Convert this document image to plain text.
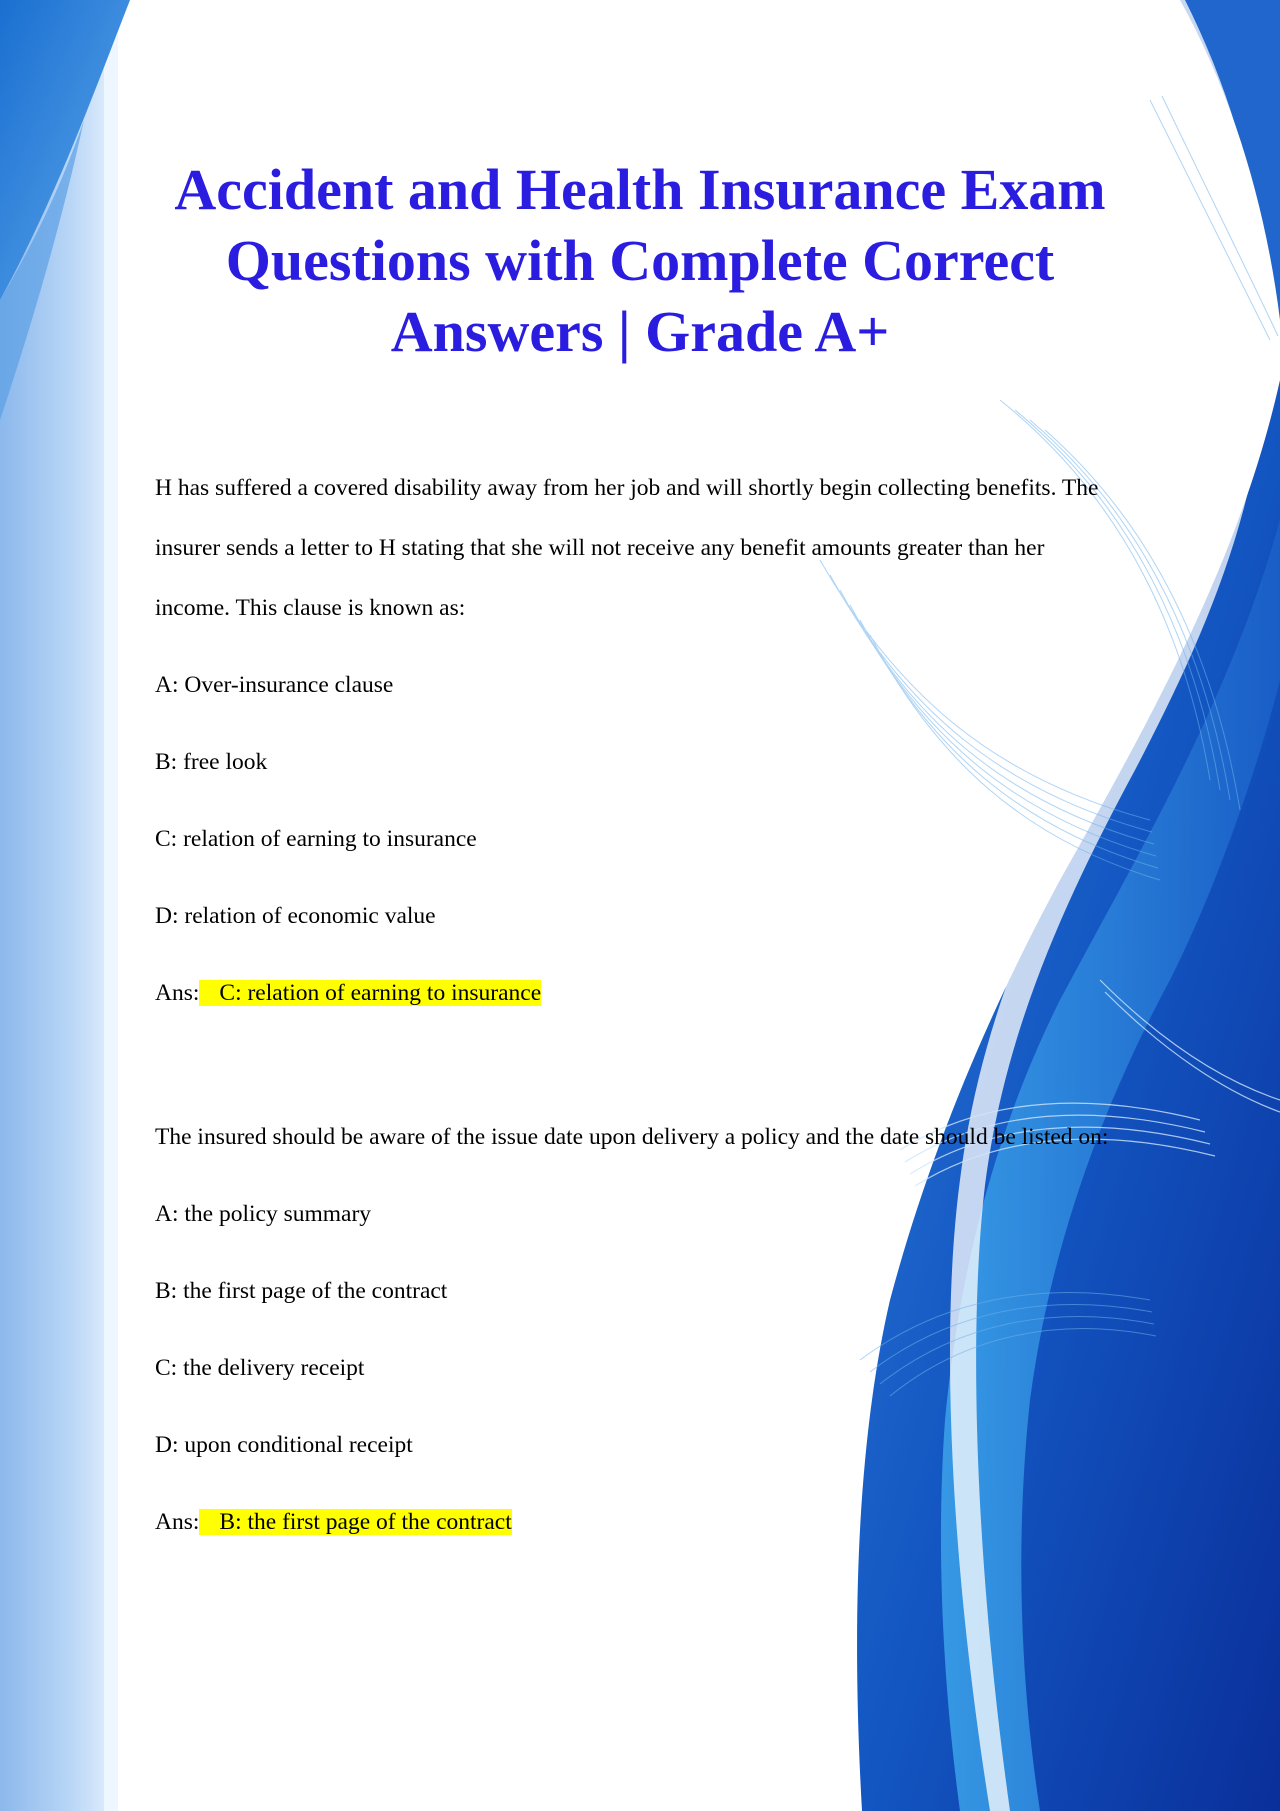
Accident and Health Insurance Exam Questions with Complete Correct Answers | Grade A+

H has suffered a covered disability away from her job and will shortly begin collecting benefits. The insurer sends a letter to H stating that she will not receive any benefit amounts greater than her income. This clause is known as:

A: Over-insurance clause

B: free look

C: relation of earning to insurance

D: relation of economic value

Ans: C: relation of earning to insurance

The insured should be aware of the issue date upon delivery a policy and the date should be listed on:

A: the policy summary

B: the first page of the contract

C: the delivery receipt

D: upon conditional receipt

Ans: B: the first page of the contract
